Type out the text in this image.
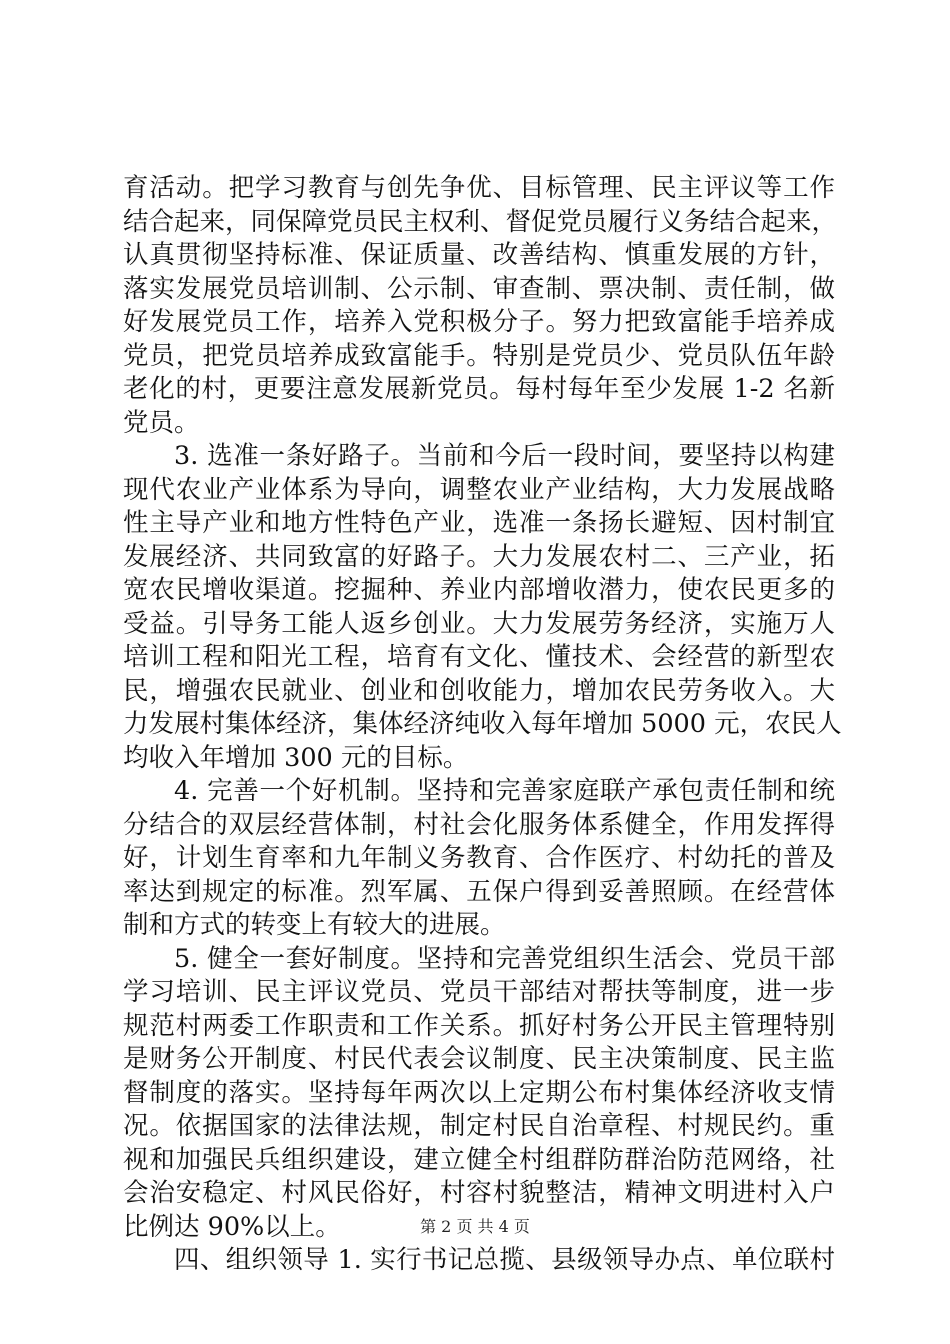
育活动。把学习教育与创先争优、目标管理、民主评议等工作
结合起来，同保障党员民主权利、督促党员履行义务结合起来，
认真贯彻坚持标准、保证质量、改善结构、慎重发展的方针，
落实发展党员培训制、公示制、审查制、票决制、责任制，做
好发展党员工作，培养入党积极分子。努力把致富能手培养成
党员，把党员培养成致富能手。特别是党员少、党员队伍年龄
老化的村，更要注意发展新党员。每村每年至少发展 1-2 名新
党员。
3. 选准一条好路子。当前和今后一段时间，要坚持以构建
现代农业产业体系为导向，调整农业产业结构，大力发展战略
性主导产业和地方性特色产业，选准一条扬长避短、因村制宜
发展经济、共同致富的好路子。大力发展农村二、三产业，拓
宽农民增收渠道。挖掘种、养业内部增收潜力，使农民更多的
受益。引导务工能人返乡创业。大力发展劳务经济，实施万人
培训工程和阳光工程，培育有文化、懂技术、会经营的新型农
民，增强农民就业、创业和创收能力，增加农民劳务收入。大
力发展村集体经济，集体经济纯收入每年增加 5000 元，农民人
均收入年增加 300 元的目标。
4. 完善一个好机制。坚持和完善家庭联产承包责任制和统
分结合的双层经营体制，村社会化服务体系健全，作用发挥得
好，计划生育率和九年制义务教育、合作医疗、村幼托的普及
率达到规定的标准。烈军属、五保户得到妥善照顾。在经营体
制和方式的转变上有较大的进展。
5. 健全一套好制度。坚持和完善党组织生活会、党员干部
学习培训、民主评议党员、党员干部结对帮扶等制度，进一步
规范村两委工作职责和工作关系。抓好村务公开民主管理特别
是财务公开制度、村民代表会议制度、民主决策制度、民主监
督制度的落实。坚持每年两次以上定期公布村集体经济收支情
况。依据国家的法律法规，制定村民自治章程、村规民约。重
视和加强民兵组织建设，建立健全村组群防群治防范网络，社
会治安稳定、村风民俗好，村容村貌整洁，精神文明进村入户
比例达 90%以上。
四、组织领导 1. 实行书记总揽、县级领导办点、单位联村
第 2 页 共 4 页
